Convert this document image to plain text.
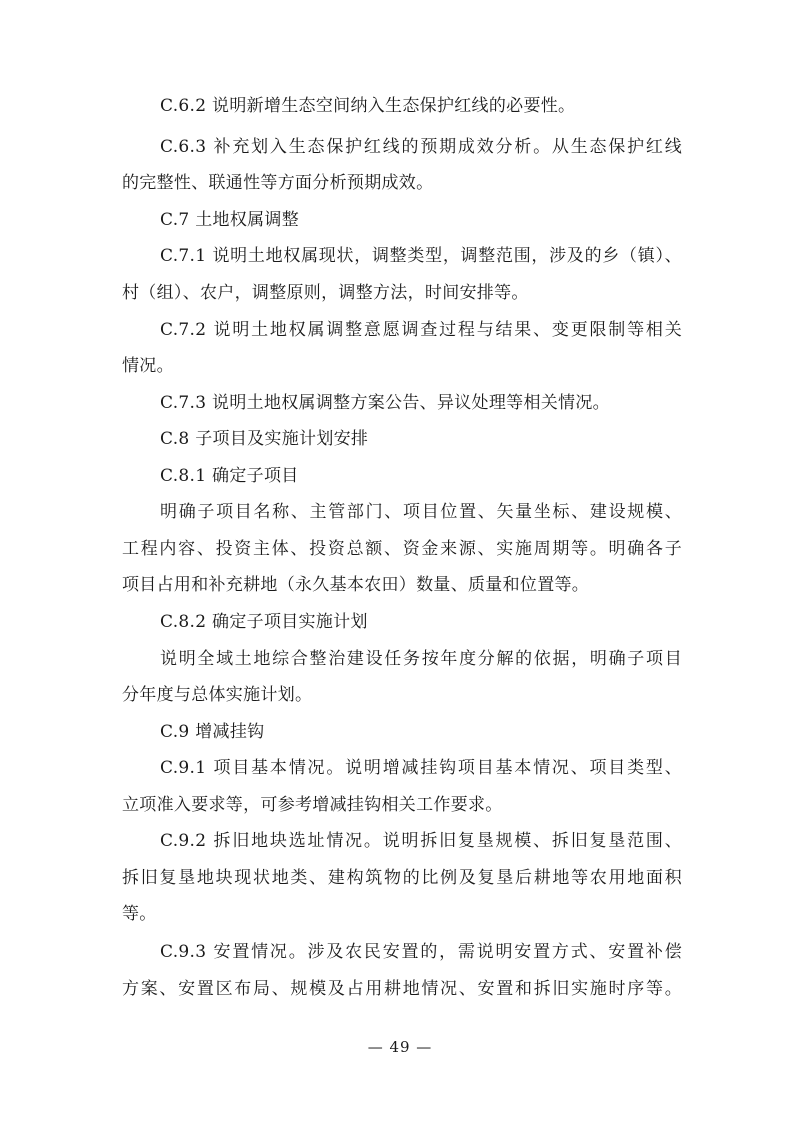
C.6.2 说明新增生态空间纳入生态保护红线的必要性。
C.6.3 补充划入生态保护红线的预期成效分析。从生态保护红线
的完整性、联通性等方面分析预期成效。
C.7 土地权属调整
C.7.1 说明土地权属现状，调整类型，调整范围，涉及的乡（镇）、
村（组）、农户，调整原则，调整方法，时间安排等。
C.7.2 说明土地权属调整意愿调查过程与结果、变更限制等相关
情况。
C.7.3 说明土地权属调整方案公告、异议处理等相关情况。
C.8 子项目及实施计划安排
C.8.1 确定子项目
明确子项目名称、主管部门、项目位置、矢量坐标、建设规模、
工程内容、投资主体、投资总额、资金来源、实施周期等。明确各子
项目占用和补充耕地（永久基本农田）数量、质量和位置等。
C.8.2 确定子项目实施计划
说明全域土地综合整治建设任务按年度分解的依据，明确子项目
分年度与总体实施计划。
C.9 增减挂钩
C.9.1 项目基本情况。说明增减挂钩项目基本情况、项目类型、
立项准入要求等，可参考增减挂钩相关工作要求。
C.9.2 拆旧地块选址情况。说明拆旧复垦规模、拆旧复垦范围、
拆旧复垦地块现状地类、建构筑物的比例及复垦后耕地等农用地面积
等。
C.9.3 安置情况。涉及农民安置的，需说明安置方式、安置补偿
方案、安置区布局、规模及占用耕地情况、安置和拆旧实施时序等。
— 49 —
